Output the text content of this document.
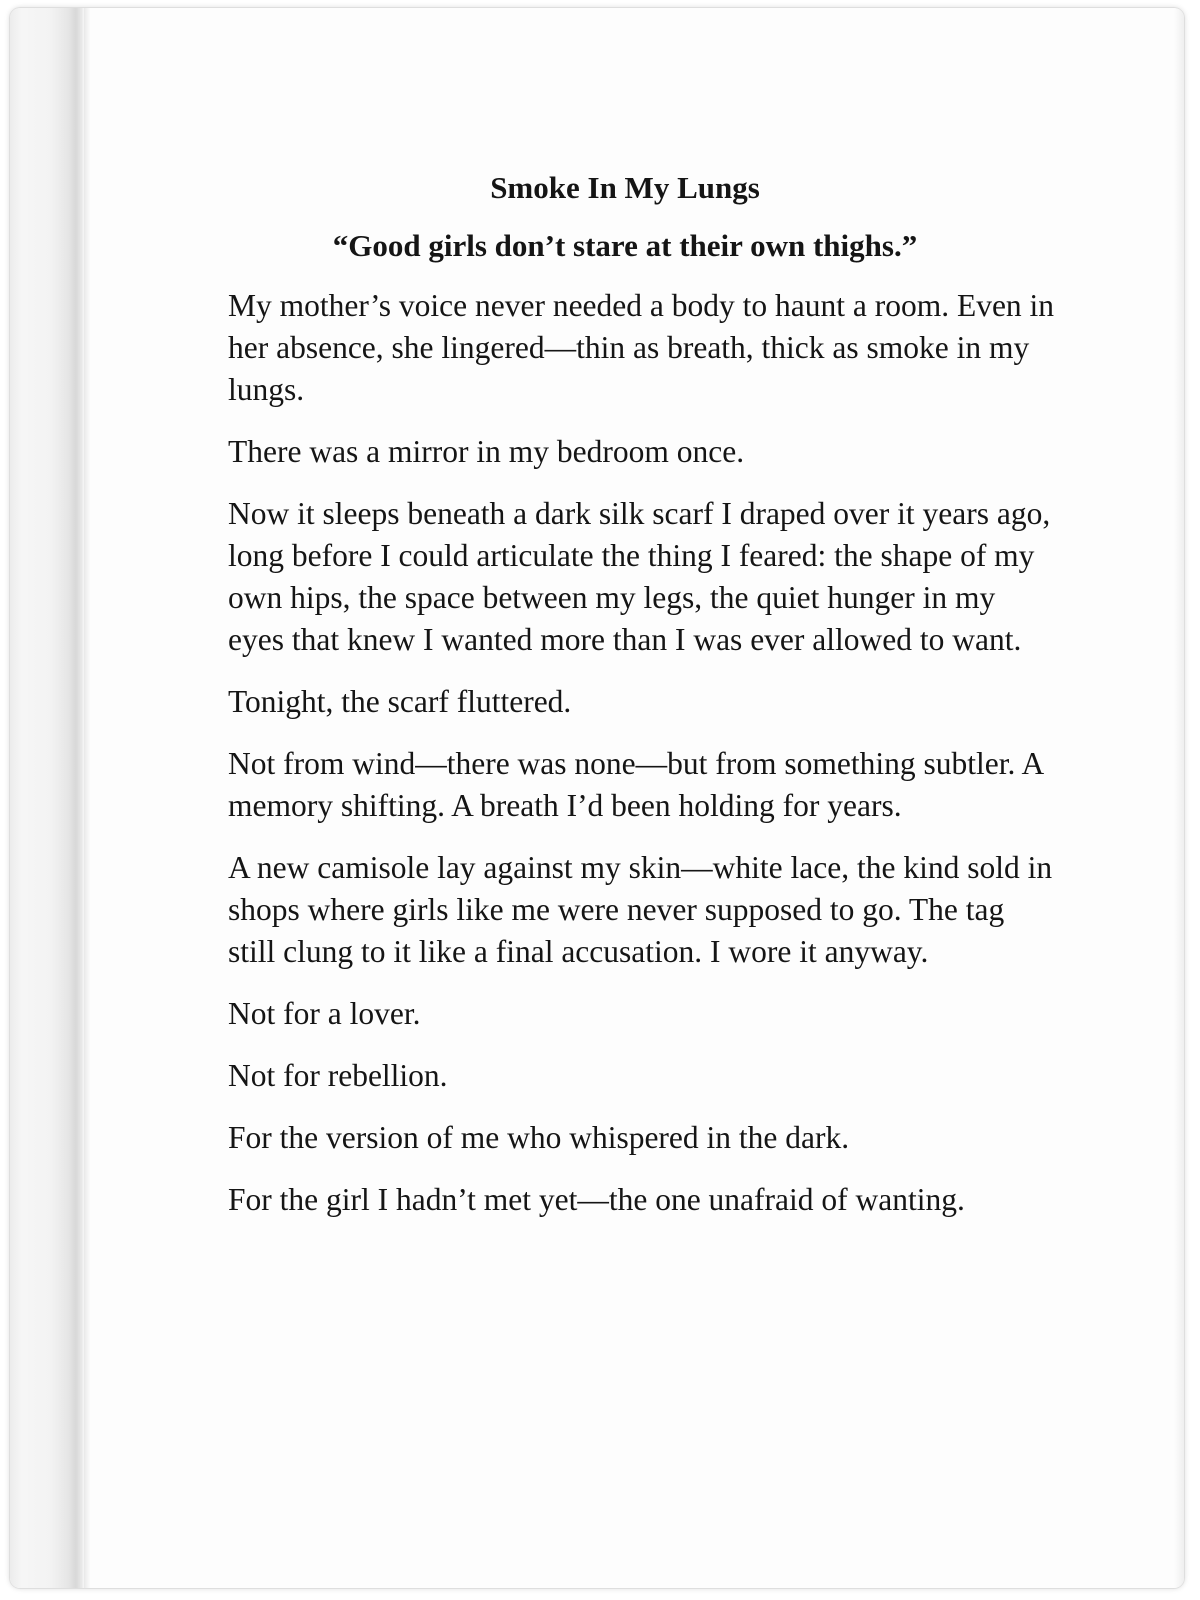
Smoke In My Lungs
“Good girls don’t stare at their own thighs.”

My mother’s voice never needed a body to haunt a room. Even in her absence, she lingered—thin as breath, thick as smoke in my lungs.

There was a mirror in my bedroom once.

Now it sleeps beneath a dark silk scarf I draped over it years ago, long before I could articulate the thing I feared: the shape of my own hips, the space between my legs, the quiet hunger in my eyes that knew I wanted more than I was ever allowed to want.

Tonight, the scarf fluttered.

Not from wind—there was none—but from something subtler. A memory shifting. A breath I’d been holding for years.

A new camisole lay against my skin—white lace, the kind sold in shops where girls like me were never supposed to go. The tag still clung to it like a final accusation. I wore it anyway.

Not for a lover.

Not for rebellion.

For the version of me who whispered in the dark.

For the girl I hadn’t met yet—the one unafraid of wanting.
